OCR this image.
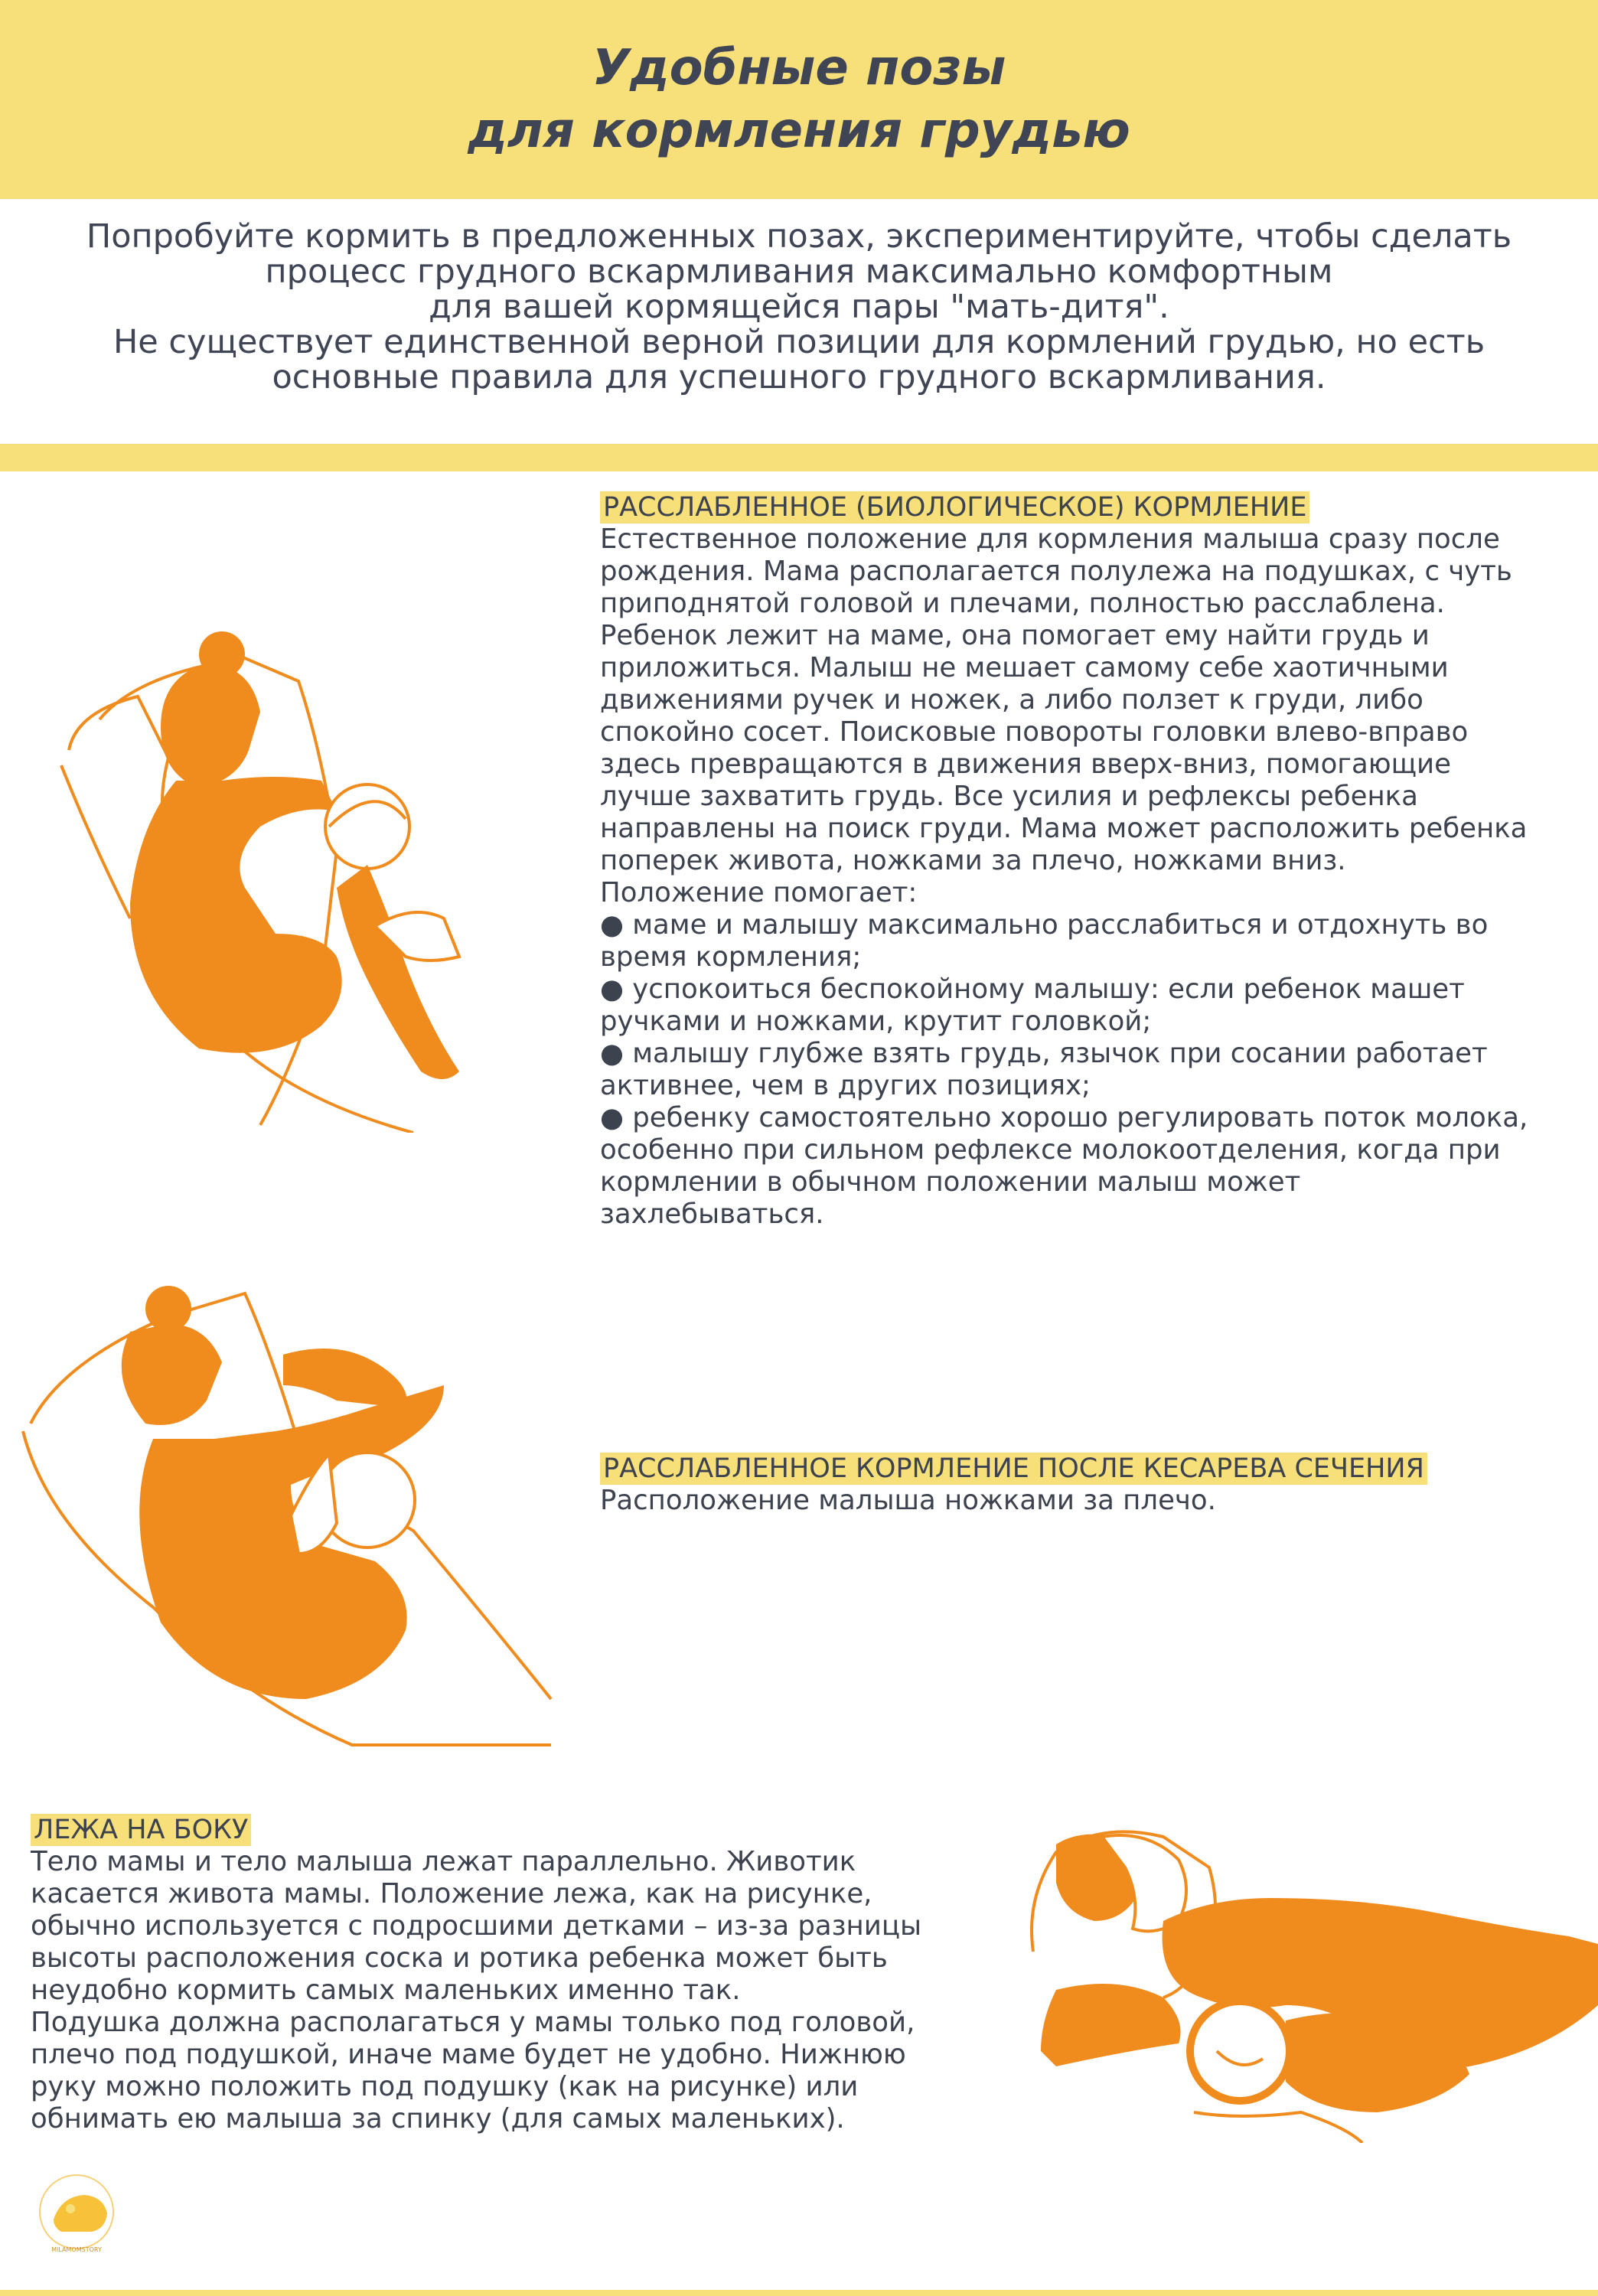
Удобные позы
для кормления грудью
Попробуйте кормить в предложенных позах, экспериментируйте, чтобы сделать
процесс грудного вскармливания максимально комфортным
для вашей кормящейся пары "мать-дитя".
Не существует единственной верной позиции для кормлений грудью, но есть
основные правила для успешного грудного вскармливания.
РАССЛАБЛЕННОЕ (БИОЛОГИЧЕСКОЕ) КОРМЛЕНИЕ
Естественное положение для кормления малыша сразу после
рождения. Мама располагается полулежа на подушках, с чуть
приподнятой головой и плечами, полностью расслаблена.
Ребенок лежит на маме, она помогает ему найти грудь и
приложиться. Малыш не мешает самому себе хаотичными
движениями ручек и ножек, а либо ползет к груди, либо
спокойно сосет. Поисковые повороты головки влево-вправо
здесь превращаются в движения вверх-вниз, помогающие
лучше захватить грудь. Все усилия и рефлексы ребенка
направлены на поиск груди. Мама может расположить ребенка
поперек живота, ножками за плечо, ножками вниз.
Положение помогает:
● маме и малышу максимально расслабиться и отдохнуть во
время кормления;
● успокоиться беспокойному малышу: если ребенок машет
ручками и ножками, крутит головкой;
● малышу глубже взять грудь, язычок при сосании работает
активнее, чем в других позициях;
● ребенку самостоятельно хорошо регулировать поток молока,
особенно при сильном рефлексе молокоотделения, когда при
кормлении в обычном положении малыш может
захлебываться.
РАССЛАБЛЕННОЕ КОРМЛЕНИЕ ПОСЛЕ КЕСАРЕВА СЕЧЕНИЯ
Расположение малыша ножками за плечо.
ЛЕЖА НА БОКУ
Тело мамы и тело малыша лежат параллельно. Животик
касается живота мамы. Положение лежа, как на рисунке,
обычно используется с подросшими детками – из-за разницы
высоты расположения соска и ротика ребенка может быть
неудобно кормить самых маленьких именно так.
Подушка должна располагаться у мамы только под головой,
плечо под подушкой, иначе маме будет не удобно. Нижнюю
руку можно положить под подушку (как на рисунке) или
обнимать ею малыша за спинку (для самых маленьких).
MILAMOMSTORY
